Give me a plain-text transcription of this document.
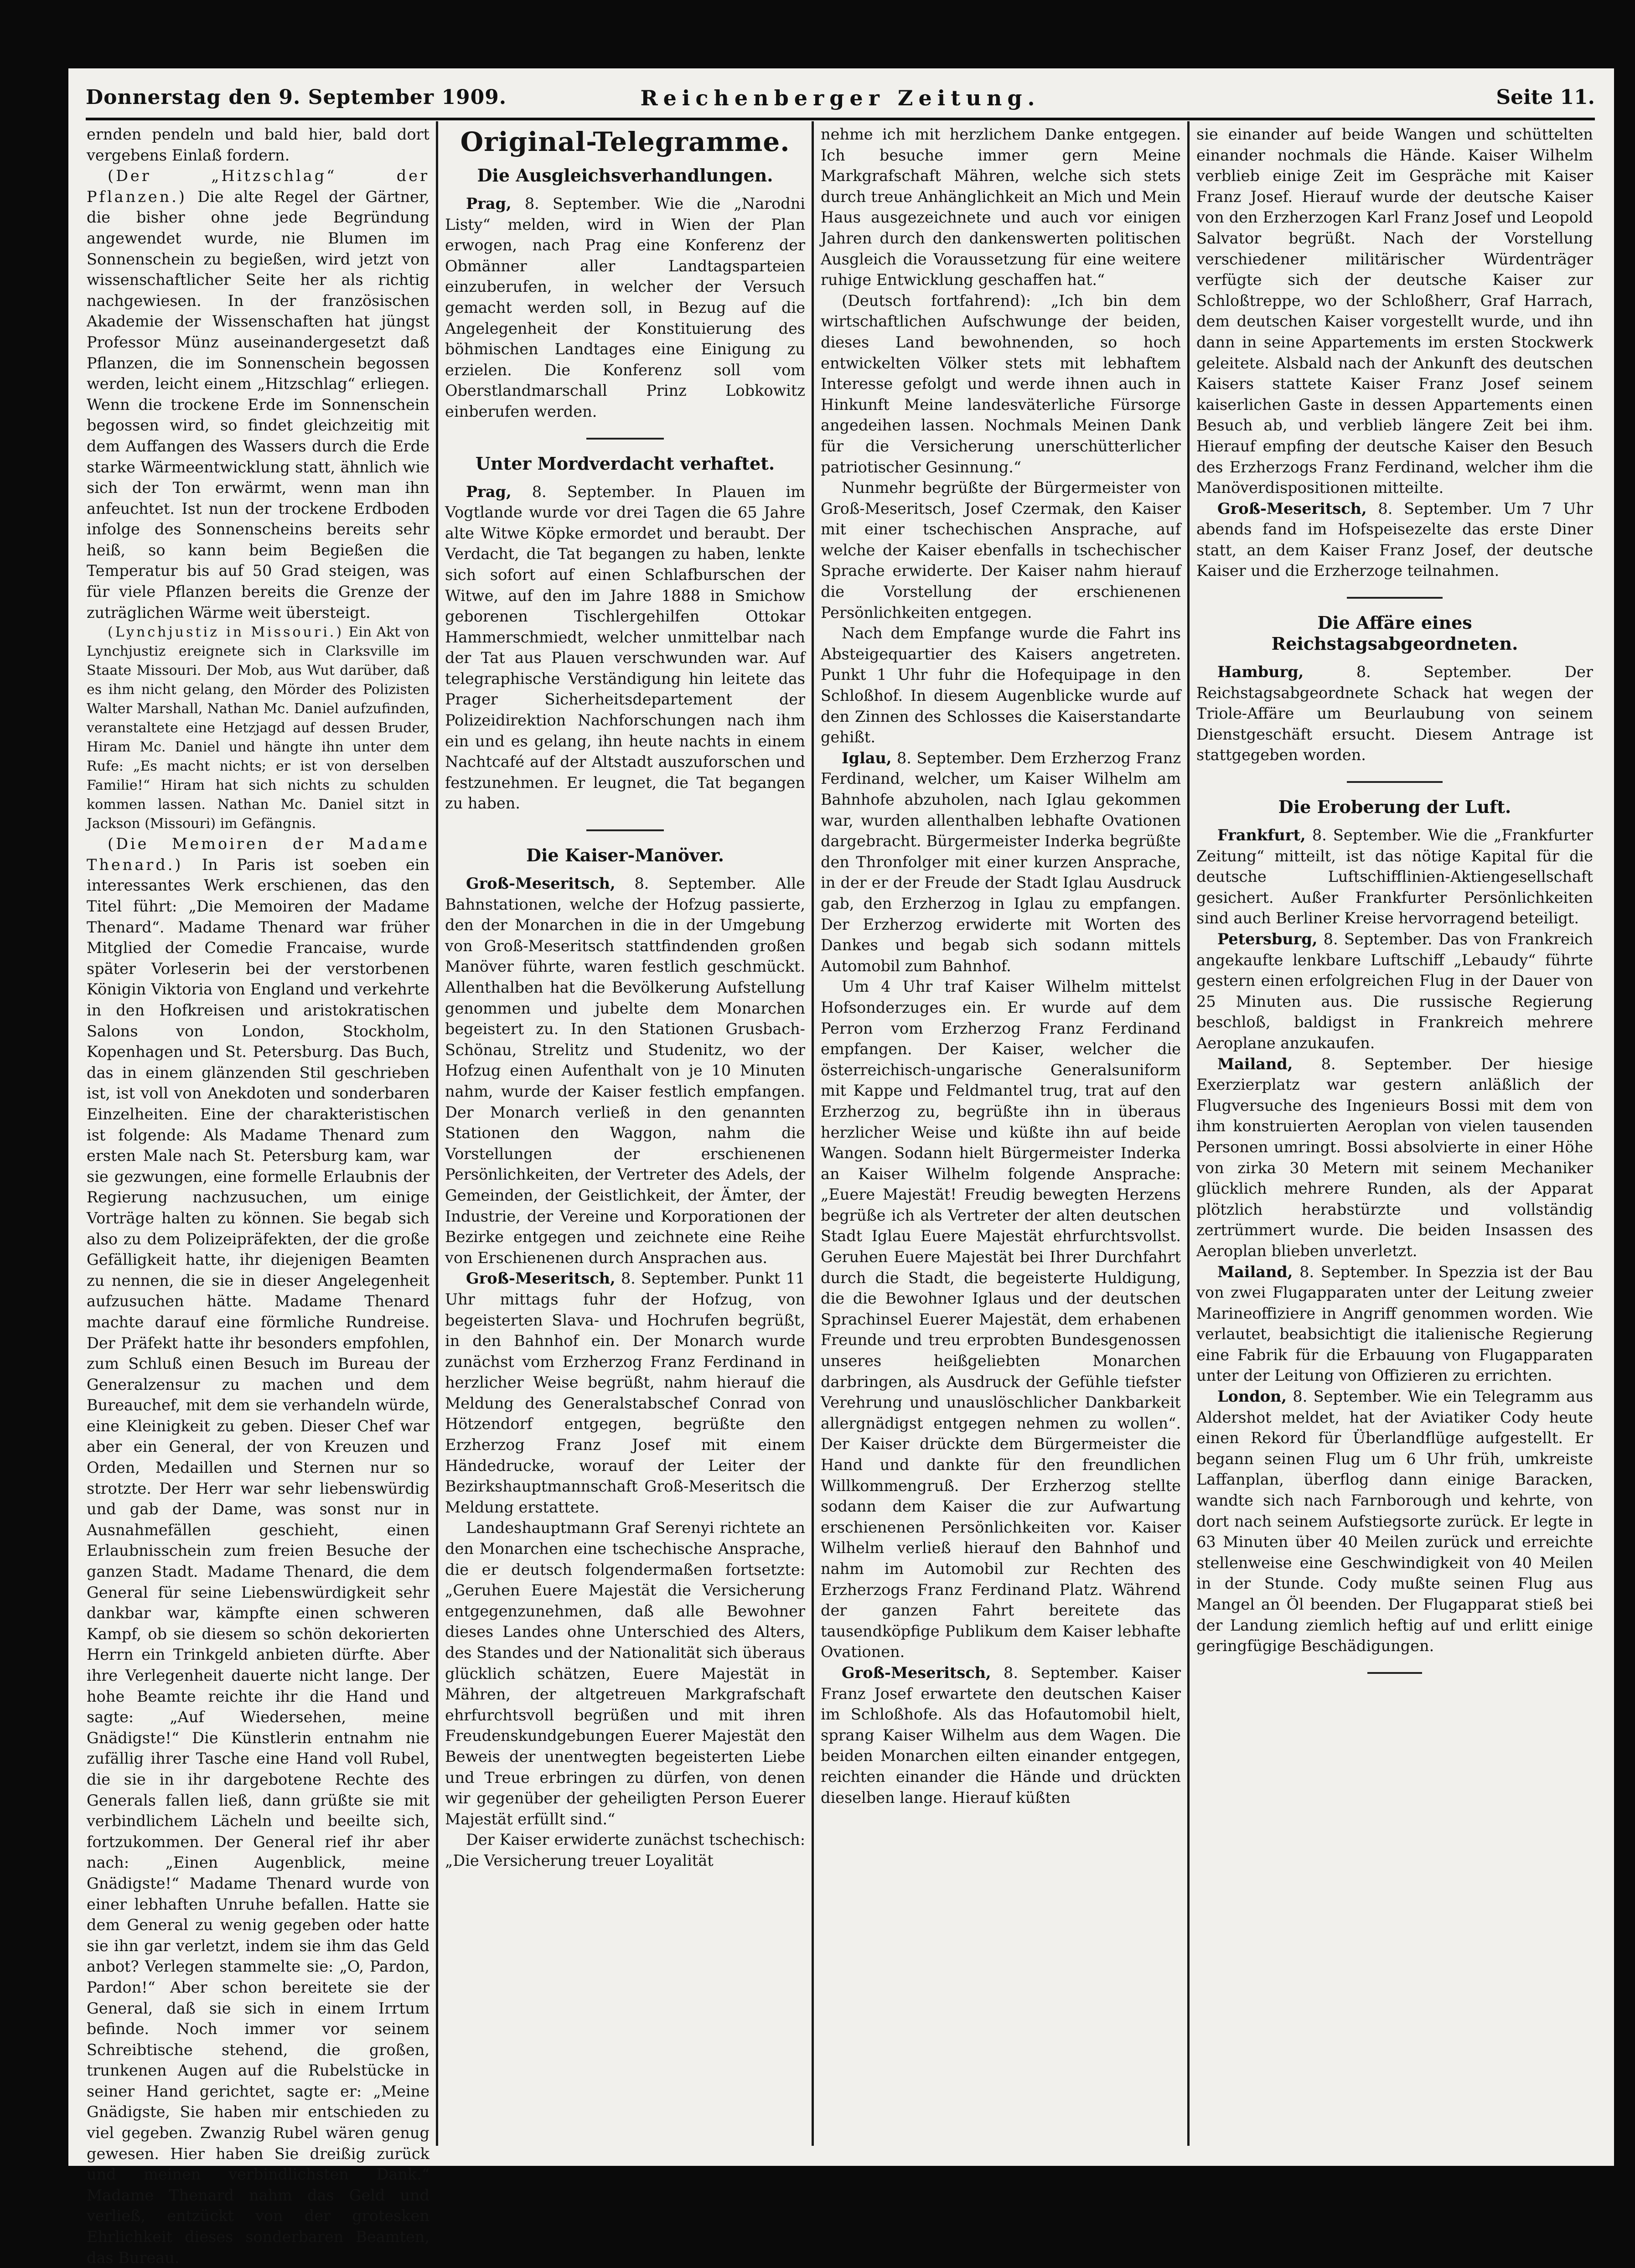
Donnerstag den 9. September 1909.	Reichenberger Zeitung.	Seite 11.

ernden pendeln und bald hier, bald dort vergebens Einlaß fordern.

(Der „Hitzschlag“ der Pflanzen.) Die alte Regel der Gärtner, die bisher ohne jede Begründung angewendet wurde, nie Blumen im Sonnenschein zu begießen, wird jetzt von wissenschaftlicher Seite her als richtig nachgewiesen. In der französischen Akademie der Wissenschaften hat jüngst Professor Münz auseinandergesetzt daß Pflanzen, die im Sonnenschein begossen werden, leicht einem „Hitzschlag“ erliegen. Wenn die trockene Erde im Sonnenschein begossen wird, so findet gleichzeitig mit dem Auffangen des Wassers durch die Erde starke Wärmeentwicklung statt, ähnlich wie sich der Ton erwärmt, wenn man ihn anfeuchtet. Ist nun der trockene Erdboden infolge des Sonnenscheins bereits sehr heiß, so kann beim Begießen die Temperatur bis auf 50 Grad steigen, was für viele Pflanzen bereits die Grenze der zuträglichen Wärme weit übersteigt.

(Lynchjustiz in Missouri.) Ein Akt von Lynchjustiz ereignete sich in Clarksville im Staate Missouri. Der Mob, aus Wut darüber, daß es ihm nicht gelang, den Mörder des Polizisten Walter Marshall, Nathan Mc. Daniel aufzufinden, veranstaltete eine Hetzjagd auf dessen Bruder, Hiram Mc. Daniel und hängte ihn unter dem Rufe: „Es macht nichts; er ist von derselben Familie!“ Hiram hat sich nichts zu schulden kommen lassen. Nathan Mc. Daniel sitzt in Jackson (Missouri) im Gefängnis.

(Die Memoiren der Madame Thenard.) In Paris ist soeben ein interessantes Werk erschienen, das den Titel führt: „Die Memoiren der Madame Thenard“. Madame Thenard war früher Mitglied der Comedie Francaise, wurde später Vorleserin bei der verstorbenen Königin Viktoria von England und verkehrte in den Hofkreisen und aristokratischen Salons von London, Stockholm, Kopenhagen und St. Petersburg. Das Buch, das in einem glänzenden Stil geschrieben ist, ist voll von Anekdoten und sonderbaren Einzelheiten. Eine der charakteristischen ist folgende: Als Madame Thenard zum ersten Male nach St. Petersburg kam, war sie gezwungen, eine formelle Erlaubnis der Regierung nachzusuchen, um einige Vorträge halten zu können. Sie begab sich also zu dem Polizeipräfekten, der die große Gefälligkeit hatte, ihr diejenigen Beamten zu nennen, die sie in dieser Angelegenheit aufzusuchen hätte. Madame Thenard machte darauf eine förmliche Rundreise. Der Präfekt hatte ihr besonders empfohlen, zum Schluß einen Besuch im Bureau der Generalzensur zu machen und dem Bureauchef, mit dem sie verhandeln würde, eine Kleinigkeit zu geben. Dieser Chef war aber ein General, der von Kreuzen und Orden, Medaillen und Sternen nur so strotzte. Der Herr war sehr liebenswürdig und gab der Dame, was sonst nur in Ausnahmefällen geschieht, einen Erlaubnisschein zum freien Besuche der ganzen Stadt. Madame Thenard, die dem General für seine Liebenswürdigkeit sehr dankbar war, kämpfte einen schweren Kampf, ob sie diesem so schön dekorierten Herrn ein Trinkgeld anbieten dürfte. Aber ihre Verlegenheit dauerte nicht lange. Der hohe Beamte reichte ihr die Hand und sagte: „Auf Wiedersehen, meine Gnädigste!“ Die Künstlerin entnahm nie zufällig ihrer Tasche eine Hand voll Rubel, die sie in ihr dargebotene Rechte des Generals fallen ließ, dann grüßte sie mit verbindlichem Lächeln und beeilte sich, fortzukommen. Der General rief ihr aber nach: „Einen Augenblick, meine Gnädigste!“ Madame Thenard wurde von einer lebhaften Unruhe befallen. Hatte sie dem General zu wenig gegeben oder hatte sie ihn gar verletzt, indem sie ihm das Geld anbot? Verlegen stammelte sie: „O, Pardon, Pardon!“ Aber schon bereitete sie der General, daß sie sich in einem Irrtum befinde. Noch immer vor seinem Schreibtische stehend, die großen, trunkenen Augen auf die Rubelstücke in seiner Hand gerichtet, sagte er: „Meine Gnädigste, Sie haben mir entschieden zu viel gegeben. Zwanzig Rubel wären genug gewesen. Hier haben Sie dreißig zurück und meinen verbindlichsten Dank.“ Madame Thenard nahm das Geld und verließ, entzückt von der grotesken Ehrlichkeit dieses sonderbaren Beamten, das Bureau.

Original-Telegramme.
Die Ausgleichsverhandlungen.

Prag, 8. September. Wie die „Narodni Listy“ melden, wird in Wien der Plan erwogen, nach Prag eine Konferenz der Obmänner aller Landtagsparteien einzuberufen, in welcher der Versuch gemacht werden soll, in Bezug auf die Angelegenheit der Konstituierung des böhmischen Landtages eine Einigung zu erzielen. Die Konferenz soll vom Oberstlandmarschall Prinz Lobkowitz einberufen werden.

Unter Mordverdacht verhaftet.

Prag, 8. September. In Plauen im Vogtlande wurde vor drei Tagen die 65 Jahre alte Witwe Köpke ermordet und beraubt. Der Verdacht, die Tat begangen zu haben, lenkte sich sofort auf einen Schlafburschen der Witwe, auf den im Jahre 1888 in Smichow geborenen Tischlergehilfen Ottokar Hammerschmiedt, welcher unmittelbar nach der Tat aus Plauen verschwunden war. Auf telegraphische Verständigung hin leitete das Prager Sicherheitsdepartement der Polizeidirektion Nachforschungen nach ihm ein und es gelang, ihn heute nachts in einem Nachtcafé auf der Altstadt auszuforschen und festzunehmen. Er leugnet, die Tat begangen zu haben.

Die Kaiser-Manöver.

Groß-Meseritsch, 8. September. Alle Bahnstationen, welche der Hofzug passierte, den der Monarchen in die in der Umgebung von Groß-Meseritsch stattfindenden großen Manöver führte, waren festlich geschmückt. Allenthalben hat die Bevölkerung Aufstellung genommen und jubelte dem Monarchen begeistert zu. In den Stationen Grusbach-Schönau, Strelitz und Studenitz, wo der Hofzug einen Aufenthalt von je 10 Minuten nahm, wurde der Kaiser festlich empfangen. Der Monarch verließ in den genannten Stationen den Waggon, nahm die Vorstellungen der erschienenen Persönlichkeiten, der Vertreter des Adels, der Gemeinden, der Geistlichkeit, der Ämter, der Industrie, der Vereine und Korporationen der Bezirke entgegen und zeichnete eine Reihe von Erschienenen durch Ansprachen aus.

Groß-Meseritsch, 8. September. Punkt 11 Uhr mittags fuhr der Hofzug, von begeisterten Slava- und Hochrufen begrüßt, in den Bahnhof ein. Der Monarch wurde zunächst vom Erzherzog Franz Ferdinand in herzlicher Weise begrüßt, nahm hierauf die Meldung des Generalstabschef Conrad von Hötzendorf entgegen, begrüßte den Erzherzog Franz Josef mit einem Händedrucke, worauf der Leiter der Bezirkshauptmannschaft Groß-Meseritsch die Meldung erstattete.

Landeshauptmann Graf Serenyi richtete an den Monarchen eine tschechische Ansprache, die er deutsch folgendermaßen fortsetzte: „Geruhen Euere Majestät die Versicherung entgegenzunehmen, daß alle Bewohner dieses Landes ohne Unterschied des Alters, des Standes und der Nationalität sich überaus glücklich schätzen, Euere Majestät in Mähren, der altgetreuen Markgrafschaft ehrfurchtsvoll begrüßen und mit ihren Freudenskundgebungen Euerer Majestät den Beweis der unentwegten begeisterten Liebe und Treue erbringen zu dürfen, von denen wir gegenüber der geheiligten Person Euerer Majestät erfüllt sind.“

Der Kaiser erwiderte zunächst tschechisch: „Die Versicherung treuer Loyalität

nehme ich mit herzlichem Danke entgegen. Ich besuche immer gern Meine Markgrafschaft Mähren, welche sich stets durch treue Anhänglichkeit an Mich und Mein Haus ausgezeichnete und auch vor einigen Jahren durch den dankenswerten politischen Ausgleich die Voraussetzung für eine weitere ruhige Entwicklung geschaffen hat.“

(Deutsch fortfahrend): „Ich bin dem wirtschaftlichen Aufschwunge der beiden, dieses Land bewohnenden, so hoch entwickelten Völker stets mit lebhaftem Interesse gefolgt und werde ihnen auch in Hinkunft Meine landesväterliche Fürsorge angedeihen lassen. Nochmals Meinen Dank für die Versicherung unerschütterlicher patriotischer Gesinnung.“

Nunmehr begrüßte der Bürgermeister von Groß-Meseritsch, Josef Czermak, den Kaiser mit einer tschechischen Ansprache, auf welche der Kaiser ebenfalls in tschechischer Sprache erwiderte. Der Kaiser nahm hierauf die Vorstellung der erschienenen Persönlichkeiten entgegen.

Nach dem Empfange wurde die Fahrt ins Absteigequartier des Kaisers angetreten. Punkt 1 Uhr fuhr die Hofequipage in den Schloßhof. In diesem Augenblicke wurde auf den Zinnen des Schlosses die Kaiserstandarte gehißt.

Iglau, 8. September. Dem Erzherzog Franz Ferdinand, welcher, um Kaiser Wilhelm am Bahnhofe abzuholen, nach Iglau gekommen war, wurden allenthalben lebhafte Ovationen dargebracht. Bürgermeister Inderka begrüßte den Thronfolger mit einer kurzen Ansprache, in der er der Freude der Stadt Iglau Ausdruck gab, den Erzherzog in Iglau zu empfangen. Der Erzherzog erwiderte mit Worten des Dankes und begab sich sodann mittels Automobil zum Bahnhof.

Um 4 Uhr traf Kaiser Wilhelm mittelst Hofsonderzuges ein. Er wurde auf dem Perron vom Erzherzog Franz Ferdinand empfangen. Der Kaiser, welcher die österreichisch-ungarische Generalsuniform mit Kappe und Feldmantel trug, trat auf den Erzherzog zu, begrüßte ihn in überaus herzlicher Weise und küßte ihn auf beide Wangen. Sodann hielt Bürgermeister Inderka an Kaiser Wilhelm folgende Ansprache: „Euere Majestät! Freudig bewegten Herzens begrüße ich als Vertreter der alten deutschen Stadt Iglau Euere Majestät ehrfurchtsvollst. Geruhen Euere Majestät bei Ihrer Durchfahrt durch die Stadt, die begeisterte Huldigung, die die Bewohner Iglaus und der deutschen Sprachinsel Euerer Majestät, dem erhabenen Freunde und treu erprobten Bundesgenossen unseres heißgeliebten Monarchen darbringen, als Ausdruck der Gefühle tiefster Verehrung und unauslöschlicher Dankbarkeit allergnädigst entgegen nehmen zu wollen“. Der Kaiser drückte dem Bürgermeister die Hand und dankte für den freundlichen Willkommengruß. Der Erzherzog stellte sodann dem Kaiser die zur Aufwartung erschienenen Persönlichkeiten vor. Kaiser Wilhelm verließ hierauf den Bahnhof und nahm im Automobil zur Rechten des Erzherzogs Franz Ferdinand Platz. Während der ganzen Fahrt bereitete das tausendköpfige Publikum dem Kaiser lebhafte Ovationen.

Groß-Meseritsch, 8. September. Kaiser Franz Josef erwartete den deutschen Kaiser im Schloßhofe. Als das Hofautomobil hielt, sprang Kaiser Wilhelm aus dem Wagen. Die beiden Monarchen eilten einander entgegen, reichten einander die Hände und drückten dieselben lange. Hierauf küßten

sie einander auf beide Wangen und schüttelten einander nochmals die Hände. Kaiser Wilhelm verblieb einige Zeit im Gespräche mit Kaiser Franz Josef. Hierauf wurde der deutsche Kaiser von den Erzherzogen Karl Franz Josef und Leopold Salvator begrüßt. Nach der Vorstellung verschiedener militärischer Würdenträger verfügte sich der deutsche Kaiser zur Schloßtreppe, wo der Schloßherr, Graf Harrach, dem deutschen Kaiser vorgestellt wurde, und ihn dann in seine Appartements im ersten Stockwerk geleitete. Alsbald nach der Ankunft des deutschen Kaisers stattete Kaiser Franz Josef seinem kaiserlichen Gaste in dessen Appartements einen Besuch ab, und verblieb längere Zeit bei ihm. Hierauf empfing der deutsche Kaiser den Besuch des Erzherzogs Franz Ferdinand, welcher ihm die Manöverdispositionen mitteilte.

Groß-Meseritsch, 8. September. Um 7 Uhr abends fand im Hofspeisezelte das erste Diner statt, an dem Kaiser Franz Josef, der deutsche Kaiser und die Erzherzoge teilnahmen.

Die Affäre eines Reichstagsabgeordneten.

Hamburg, 8. September. Der Reichstagsabgeordnete Schack hat wegen der Triole-Affäre um Beurlaubung von seinem Dienstgeschäft ersucht. Diesem Antrage ist stattgegeben worden.

Die Eroberung der Luft.

Frankfurt, 8. September. Wie die „Frankfurter Zeitung“ mitteilt, ist das nötige Kapital für die deutsche Luftschifflinien-Aktiengesellschaft gesichert. Außer Frankfurter Persönlichkeiten sind auch Berliner Kreise hervorragend beteiligt.

Petersburg, 8. September. Das von Frankreich angekaufte lenkbare Luftschiff „Lebaudy“ führte gestern einen erfolgreichen Flug in der Dauer von 25 Minuten aus. Die russische Regierung beschloß, baldigst in Frankreich mehrere Aeroplane anzukaufen.

Mailand, 8. September. Der hiesige Exerzierplatz war gestern anläßlich der Flugversuche des Ingenieurs Bossi mit dem von ihm konstruierten Aeroplan von vielen tausenden Personen umringt. Bossi absolvierte in einer Höhe von zirka 30 Metern mit seinem Mechaniker glücklich mehrere Runden, als der Apparat plötzlich herabstürzte und vollständig zertrümmert wurde. Die beiden Insassen des Aeroplan blieben unverletzt.

Mailand, 8. September. In Spezzia ist der Bau von zwei Flugapparaten unter der Leitung zweier Marineoffiziere in Angriff genommen worden. Wie verlautet, beabsichtigt die italienische Regierung eine Fabrik für die Erbauung von Flugapparaten unter der Leitung von Offizieren zu errichten.

London, 8. September. Wie ein Telegramm aus Aldershot meldet, hat der Aviatiker Cody heute einen Rekord für Überlandflüge aufgestellt. Er begann seinen Flug um 6 Uhr früh, umkreiste Laffanplan, überflog dann einige Baracken, wandte sich nach Farnborough und kehrte, von dort nach seinem Aufstiegsorte zurück. Er legte in 63 Minuten über 40 Meilen zurück und erreichte stellenweise eine Geschwindigkeit von 40 Meilen in der Stunde. Cody mußte seinen Flug aus Mangel an Öl beenden. Der Flugapparat stieß bei der Landung ziemlich heftig auf und erlitt einige geringfügige Beschädigungen.
